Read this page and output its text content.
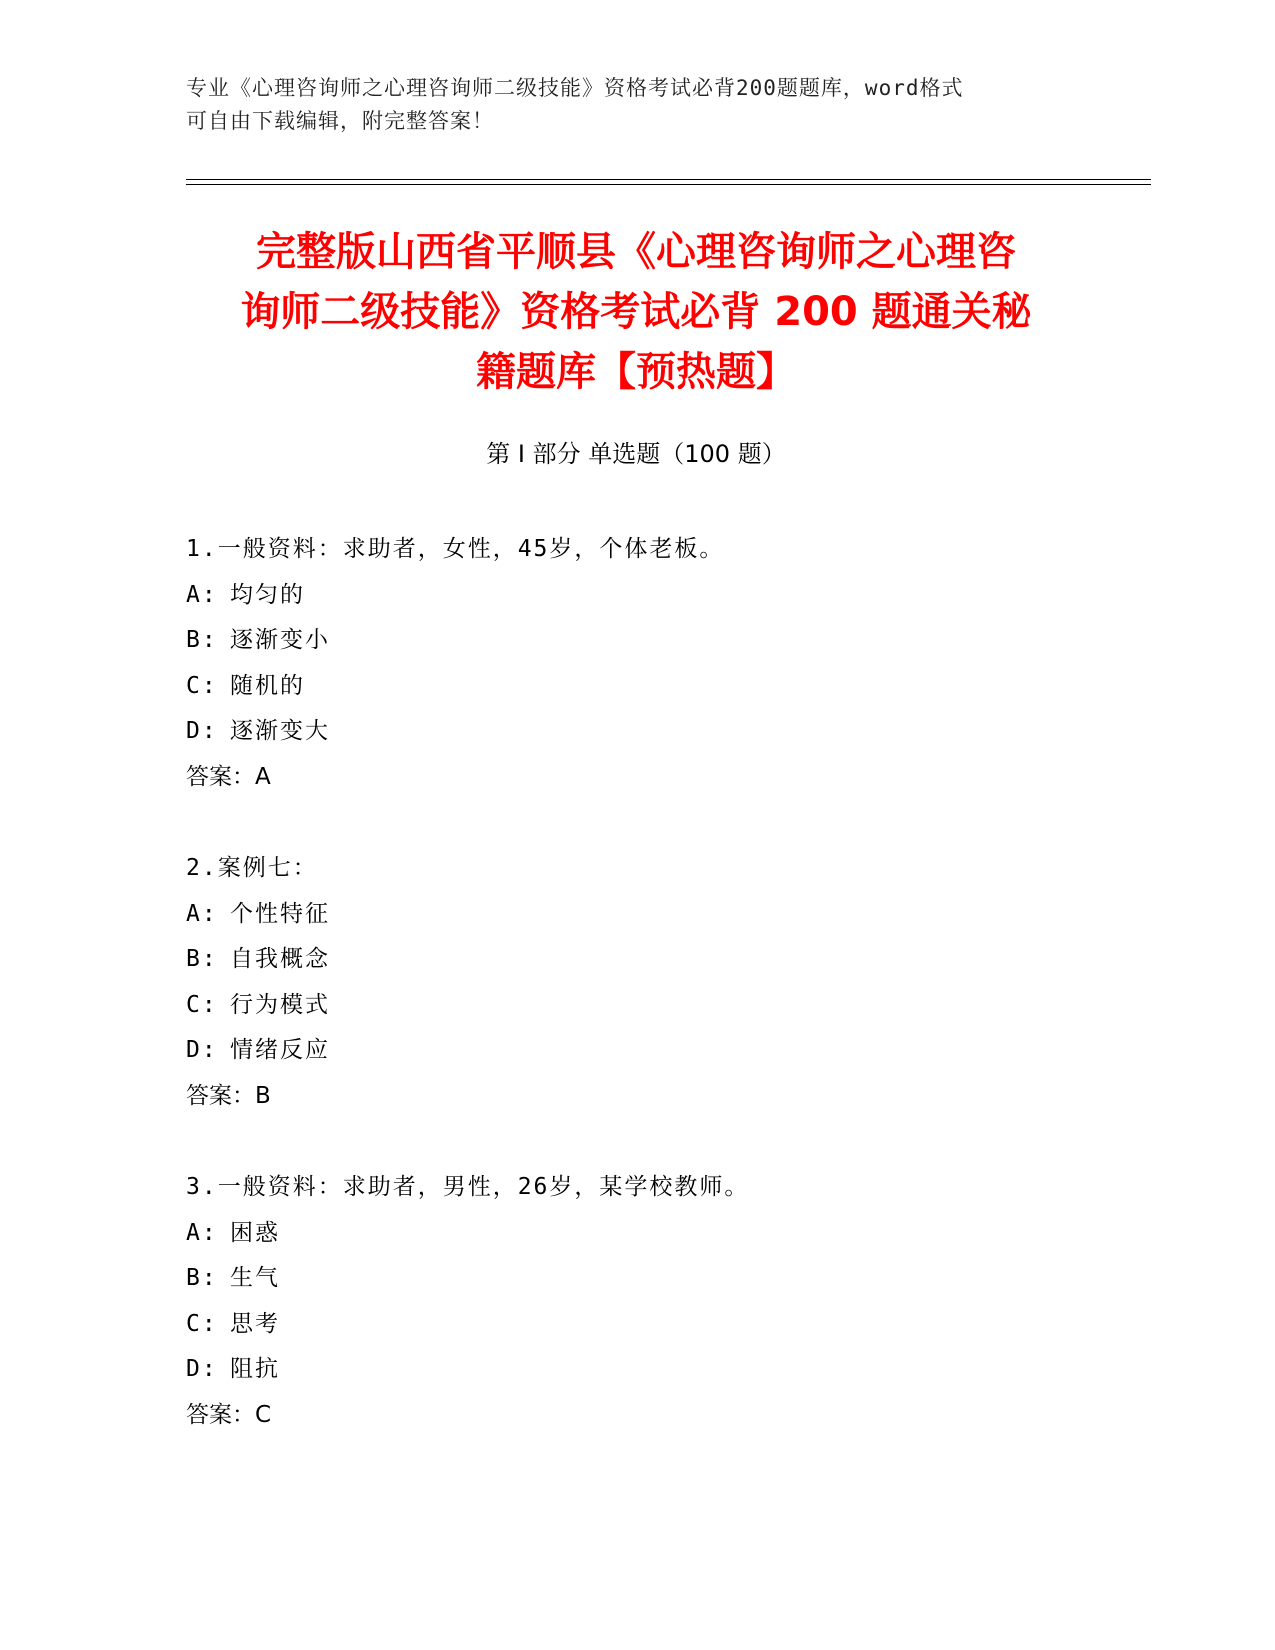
专业《心理咨询师之心理咨询师二级技能》资格考试必背200题题库，word格式
可自由下载编辑，附完整答案！
完整版山西省平顺县《心理咨询师之心理咨
询师二级技能》资格考试必背 200 题通关秘
籍题库【预热题】
第 I 部分 单选题（100 题）
1.一般资料：求助者，女性，45岁，个体老板。
A: 均匀的
B: 逐渐变小
C: 随机的
D: 逐渐变大
答案：A
2.案例七：
A: 个性特征
B: 自我概念
C: 行为模式
D: 情绪反应
答案：B
3.一般资料：求助者，男性，26岁，某学校教师。
A: 困惑
B: 生气
C: 思考
D: 阻抗
答案：C
